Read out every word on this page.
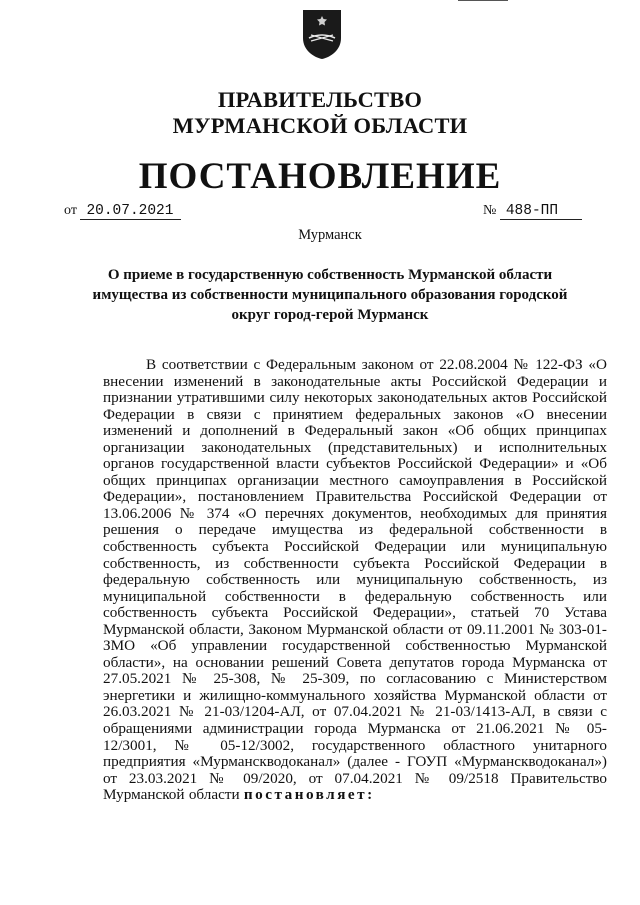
ПРАВИТЕЛЬСТВО
МУРМАНСКОЙ ОБЛАСТИ
ПОСТАНОВЛЕНИЕ
от 20.07.2021	№ 488-ПП
Мурманск
О приеме в государственную собственность Мурманской области
имущества из собственности муниципального образования городской
округ город-герой Мурманск
В соответствии с Федеральным законом от 22.08.2004 № 122-ФЗ «О внесении изменений в законодательные акты Российской Федерации и признании утратившими силу некоторых законодательных актов Российской Федерации в связи с принятием федеральных законов «О внесении изменений и дополнений в Федеральный закон «Об общих принципах организации законодательных (представительных) и исполнительных органов государственной власти субъектов Российской Федерации» и «Об общих принципах организации местного самоуправления в Российской Федерации», постановлением Правительства Российской Федерации от 13.06.2006 № 374 «О перечнях документов, необходимых для принятия решения о передаче имущества из федеральной собственности в собственность субъекта Российской Федерации или муниципальную собственность, из собственности субъекта Российской Федерации в федеральную собственность или муниципальную собственность, из муниципальной собственности в федеральную собственность или собственность субъекта Российской Федерации», статьей 70 Устава Мурманской области, Законом Мурманской области от 09.11.2001 № 303-01-ЗМО «Об управлении государственной собственностью Мурманской области», на основании решений Совета депутатов города Мурманска от 27.05.2021 № 25-308, № 25-309, по согласованию с Министерством энергетики и жилищно-коммунального хозяйства Мурманской области от 26.03.2021 № 21-03/1204-АЛ, от 07.04.2021 № 21-03/1413-АЛ, в связи с обращениями администрации города Мурманска от 21.06.2021 № 05-12/3001, № 05-12/3002, государственного областного унитарного предприятия «Мурманскводоканал» (далее - ГОУП «Мурманскводоканал») от 23.03.2021 № 09/2020, от 07.04.2021 № 09/2518 Правительство Мурманской области постановляет:
